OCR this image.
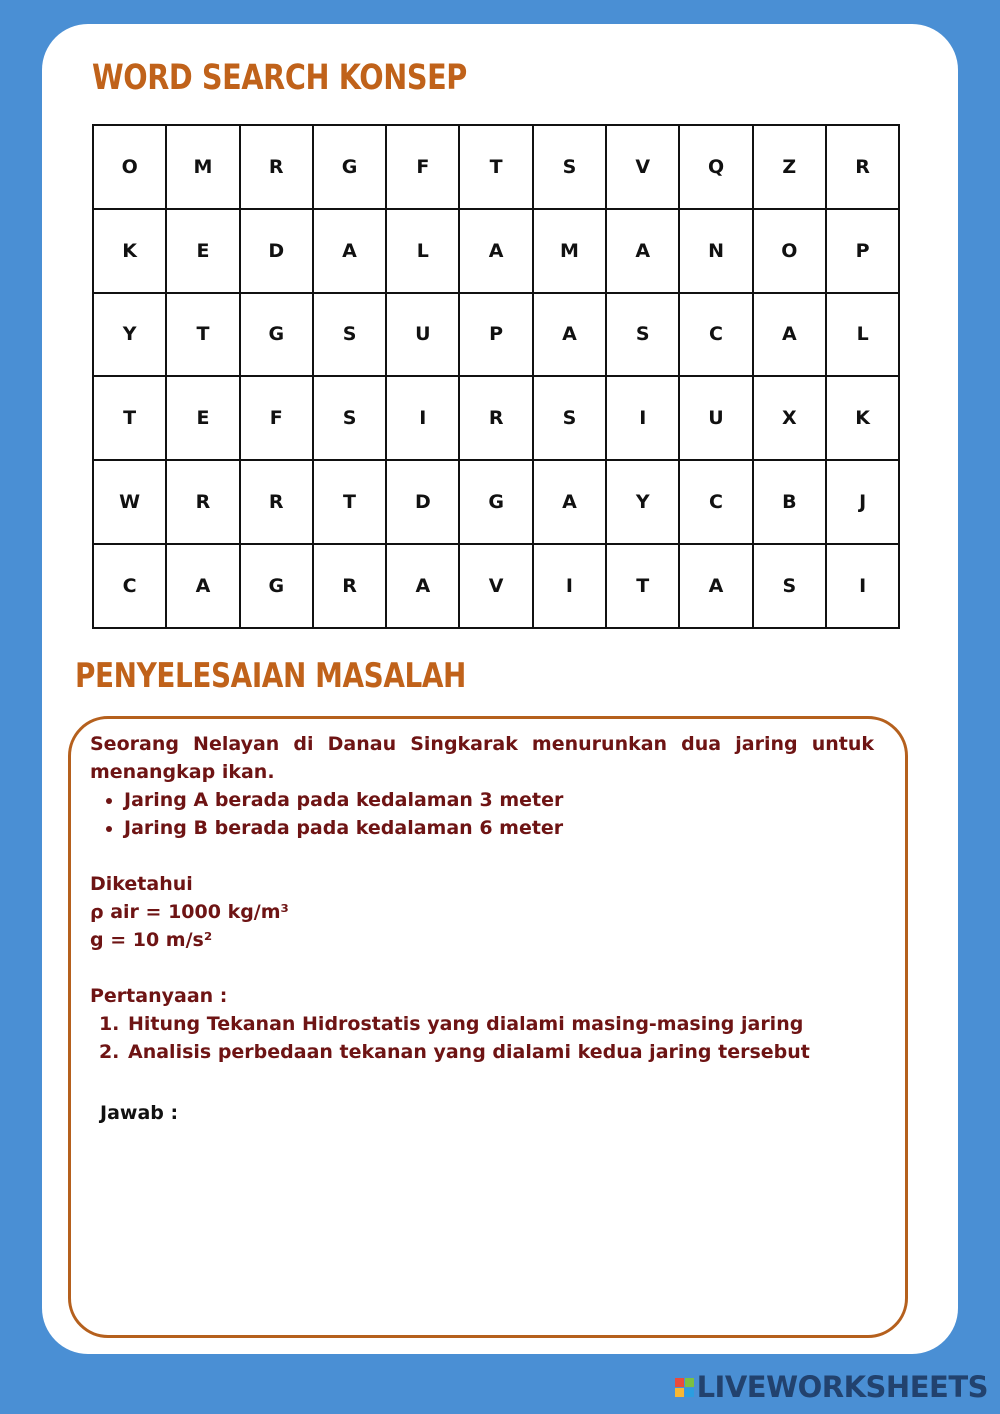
WORD SEARCH KONSEP
O	M	R	G	F	T	S	V	Q	Z	R
K	E	D	A	L	A	M	A	N	O	P
Y	T	G	S	U	P	A	S	C	A	L
T	E	F	S	I	R	S	I	U	X	K
W	R	R	T	D	G	A	Y	C	B	J
C	A	G	R	A	V	I	T	A	S	I
PENYELESAIAN MASALAH

Seorang Nelayan di Danau Singkarak menurunkan dua jaring untuk menangkap ikan.

• Jaring A berada pada kedalaman 3 meter
• Jaring B berada pada kedalaman 6 meter

Diketahui

ρ air = 1000 kg/m³

g = 10 m/s²

Pertanyaan :

1. Hitung Tekanan Hidrostatis yang dialami masing-masing jaring
2. Analisis perbedaan tekanan yang dialami kedua jaring tersebut
Jawab :
LIVEWORKSHEETS
